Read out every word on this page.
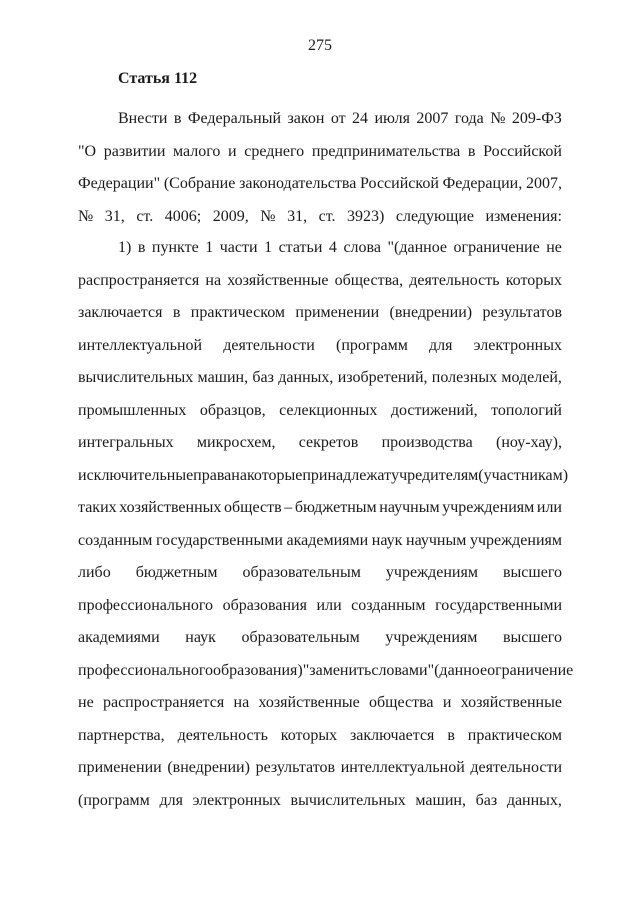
275
Статья 112
Внести в Федеральный закон от 24 июля 2007 года № 209-ФЗ
"О развитии малого и среднего предпринимательства в Российской
Федерации" (Собрание законодательства Российской Федерации, 2007,
№ 31, ст. 4006; 2009, № 31, ст. 3923) следующие изменения:
1) в пункте 1 части 1 статьи 4 слова "(данное ограничение не
распространяется на хозяйственные общества, деятельность которых
заключается в практическом применении (внедрении) результатов
интеллектуальной деятельности (программ для электронных
вычислительных машин, баз данных, изобретений, полезных моделей,
промышленных образцов, селекционных достижений, топологий
интегральных микросхем, секретов производства (ноу-хау),
исключительные права на которые принадлежат учредителям (участникам)
таких хозяйственных обществ – бюджетным научным учреждениям или
созданным государственными академиями наук научным учреждениям
либо бюджетным образовательным учреждениям высшего
профессионального образования или созданным государственными
академиями наук образовательным учреждениям высшего
профессионального образования)" заменить словами "(данное ограничение
не распространяется на хозяйственные общества и хозяйственные
партнерства, деятельность которых заключается в практическом
применении (внедрении) результатов интеллектуальной деятельности
(программ для электронных вычислительных машин, баз данных,
